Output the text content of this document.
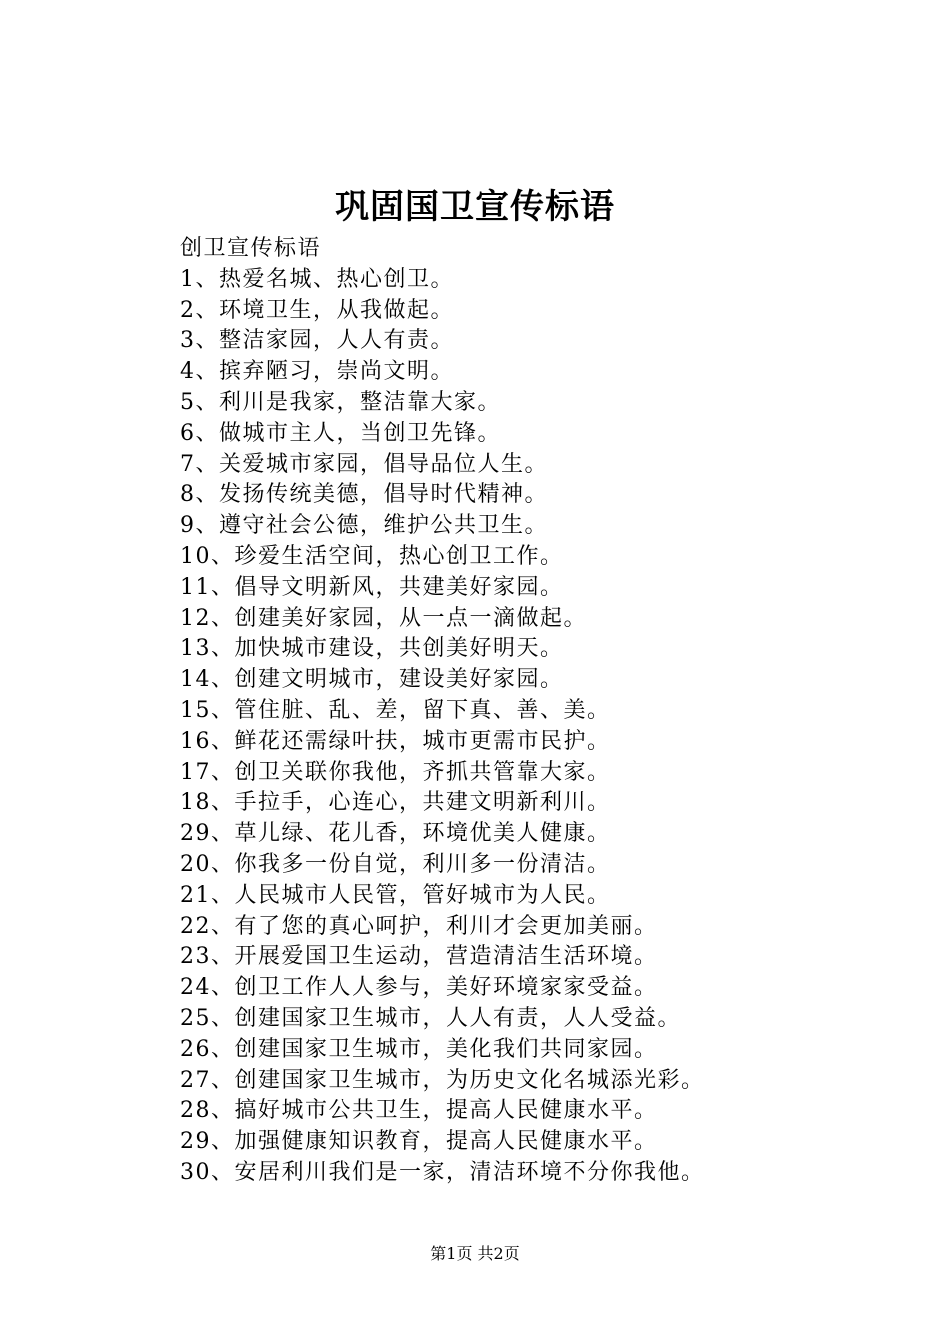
巩固国卫宣传标语
创卫宣传标语
1、热爱名城、热心创卫。
2、环境卫生，从我做起。
3、整洁家园，人人有责。
4、摈弃陋习，崇尚文明。
5、利川是我家，整洁靠大家。
6、做城市主人，当创卫先锋。
7、关爱城市家园，倡导品位人生。
8、发扬传统美德，倡导时代精神。
9、遵守社会公德，维护公共卫生。
10、珍爱生活空间，热心创卫工作。
11、倡导文明新风，共建美好家园。
12、创建美好家园，从一点一滴做起。
13、加快城市建设，共创美好明天。
14、创建文明城市，建设美好家园。
15、管住脏、乱、差，留下真、善、美。
16、鲜花还需绿叶扶，城市更需市民护。
17、创卫关联你我他，齐抓共管靠大家。
18、手拉手，心连心，共建文明新利川。
29、草儿绿、花儿香，环境优美人健康。
20、你我多一份自觉，利川多一份清洁。
21、人民城市人民管，管好城市为人民。
22、有了您的真心呵护，利川才会更加美丽。
23、开展爱国卫生运动，营造清洁生活环境。
24、创卫工作人人参与，美好环境家家受益。
25、创建国家卫生城市，人人有责，人人受益。
26、创建国家卫生城市，美化我们共同家园。
27、创建国家卫生城市，为历史文化名城添光彩。
28、搞好城市公共卫生，提高人民健康水平。
29、加强健康知识教育，提高人民健康水平。
30、安居利川我们是一家，清洁环境不分你我他。
第1页 共2页
